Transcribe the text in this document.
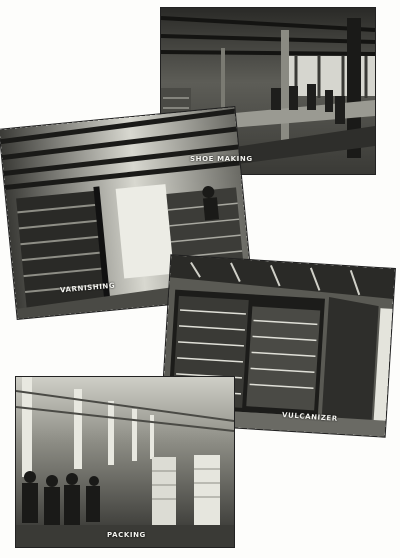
SHOE MAKING
VARNISHING
VULCANIZER
PACKING
